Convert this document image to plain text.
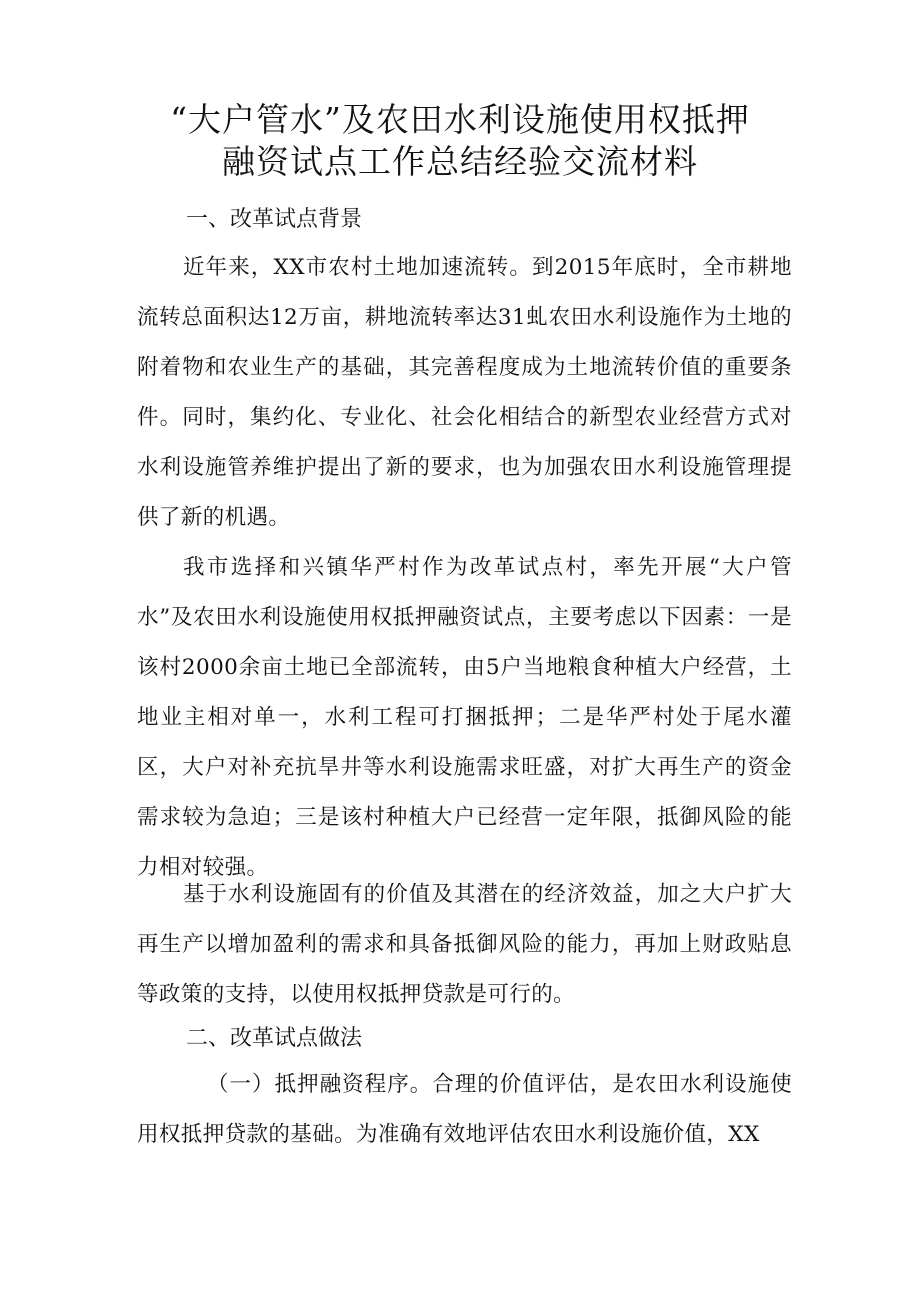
“大户管水”及农田水利设施使用权抵押
融资试点工作总结经验交流材料
一、改革试点背景

近年来，XX市农村土地加速流转。到2015年底时，全市耕地流转总面积达12万亩，耕地流转率达31虬农田水利设施作为土地的附着物和农业生产的基础，其完善程度成为土地流转价值的重要条件。同时，集约化、专业化、社会化相结合的新型农业经营方式对水利设施管养维护提出了新的要求，也为加强农田水利设施管理提供了新的机遇。

我市选择和兴镇华严村作为改革试点村，率先开展“大户管水”及农田水利设施使用权抵押融资试点，主要考虑以下因素：一是该村2000余亩土地已全部流转，由5户当地粮食种植大户经营，土地业主相对单一，水利工程可打捆抵押；二是华严村处于尾水灌区，大户对补充抗旱井等水利设施需求旺盛，对扩大再生产的资金需求较为急迫；三是该村种植大户已经营一定年限，抵御风险的能力相对较强。

基于水利设施固有的价值及其潜在的经济效益，加之大户扩大再生产以增加盈利的需求和具备抵御风险的能力，再加上财政贴息等政策的支持，以使用权抵押贷款是可行的。

二、改革试点做法

（一）抵押融资程序。合理的价值评估，是农田水利设施使用权抵押贷款的基础。为准确有效地评估农田水利设施价值，XX
